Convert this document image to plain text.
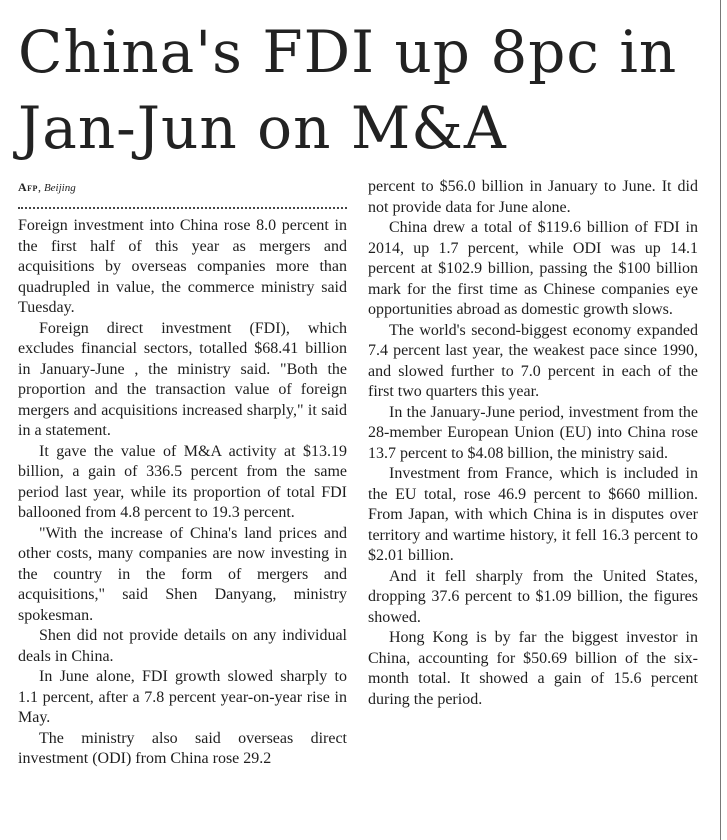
China's FDI up 8pc in Jan-Jun on M&A
Afp, Beijing

Foreign investment into China rose 8.0 percent in the first half of this year as mergers and acquisitions by overseas companies more than quadrupled in value, the commerce ministry said Tuesday.

Foreign direct investment (FDI), which excludes financial sectors, totalled $68.41 billion in January-June , the ministry said. "Both the proportion and the transaction value of foreign mergers and acquisitions increased sharply," it said in a statement.

It gave the value of M&A activity at $13.19 billion, a gain of 336.5 percent from the same period last year, while its proportion of total FDI ballooned from 4.8 percent to 19.3 percent.

"With the increase of China's land prices and other costs, many companies are now investing in the country in the form of mergers and acquisitions," said Shen Danyang, ministry spokesman.

Shen did not provide details on any individual deals in China.

In June alone, FDI growth slowed sharply to 1.1 percent, after a 7.8 percent year-on-year rise in May.

The ministry also said overseas direct investment (ODI) from China rose 29.2

percent to $56.0 billion in January to June. It did not provide data for June alone.

China drew a total of $119.6 billion of FDI in 2014, up 1.7 percent, while ODI was up 14.1 percent at $102.9 billion, passing the $100 billion mark for the first time as Chinese companies eye opportunities abroad as domestic growth slows.

The world's second-biggest economy expanded 7.4 percent last year, the weakest pace since 1990, and slowed further to 7.0 percent in each of the first two quarters this year.

In the January-June period, investment from the 28-member European Union (EU) into China rose 13.7 percent to $4.08 billion, the ministry said.

Investment from France, which is included in the EU total, rose 46.9 percent to $660 million. From Japan, with which China is in disputes over territory and wartime history, it fell 16.3 percent to $2.01 billion.

And it fell sharply from the United States, dropping 37.6 percent to $1.09 billion, the figures showed.

Hong Kong is by far the biggest investor in China, accounting for $50.69 billion of the six-month total. It showed a gain of 15.6 percent during the period.
